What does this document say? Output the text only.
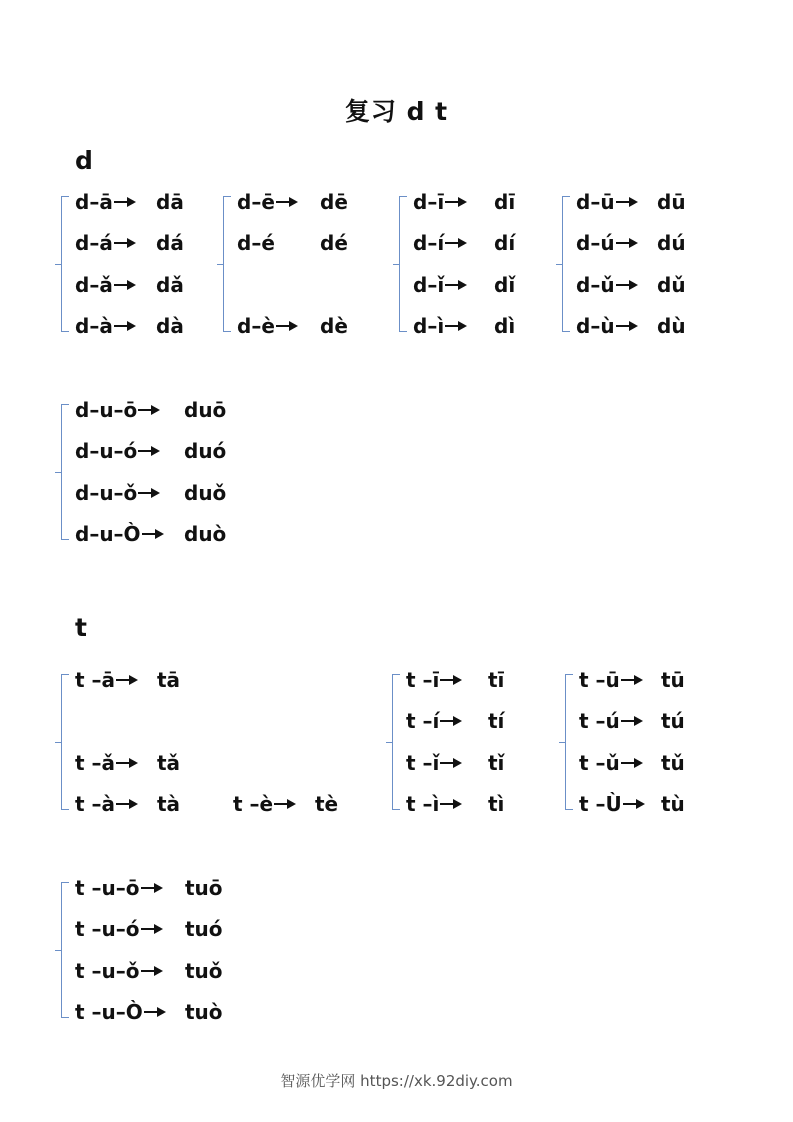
复习 d t
d
d–ā dā
d–á dá
d–ǎ dǎ
d–à dà
d–ē dē
d–é dé
d–è dè
d–ī dī
d–í dí
d–ǐ dǐ
d–ì dì
d–ū dū
d–ú dú
d–ǔ dǔ
d–ù dù
d–u–ō duō
d–u–ó duó
d–u–ǒ duǒ
d–u–Ò duò
t
t –ā tā
t –ǎ tǎ
t –à tà	t –è tè
t –ī tī
t –í tí
t –ǐ tǐ
t –ì tì
t –ū tū
t –ú tú
t –ǔ tǔ
t –Ù tù
t –u–ō tuō
t –u–ó tuó
t –u–ǒ tuǒ
t –u–Ò tuò
智源优学网 https://xk.92diy.com
